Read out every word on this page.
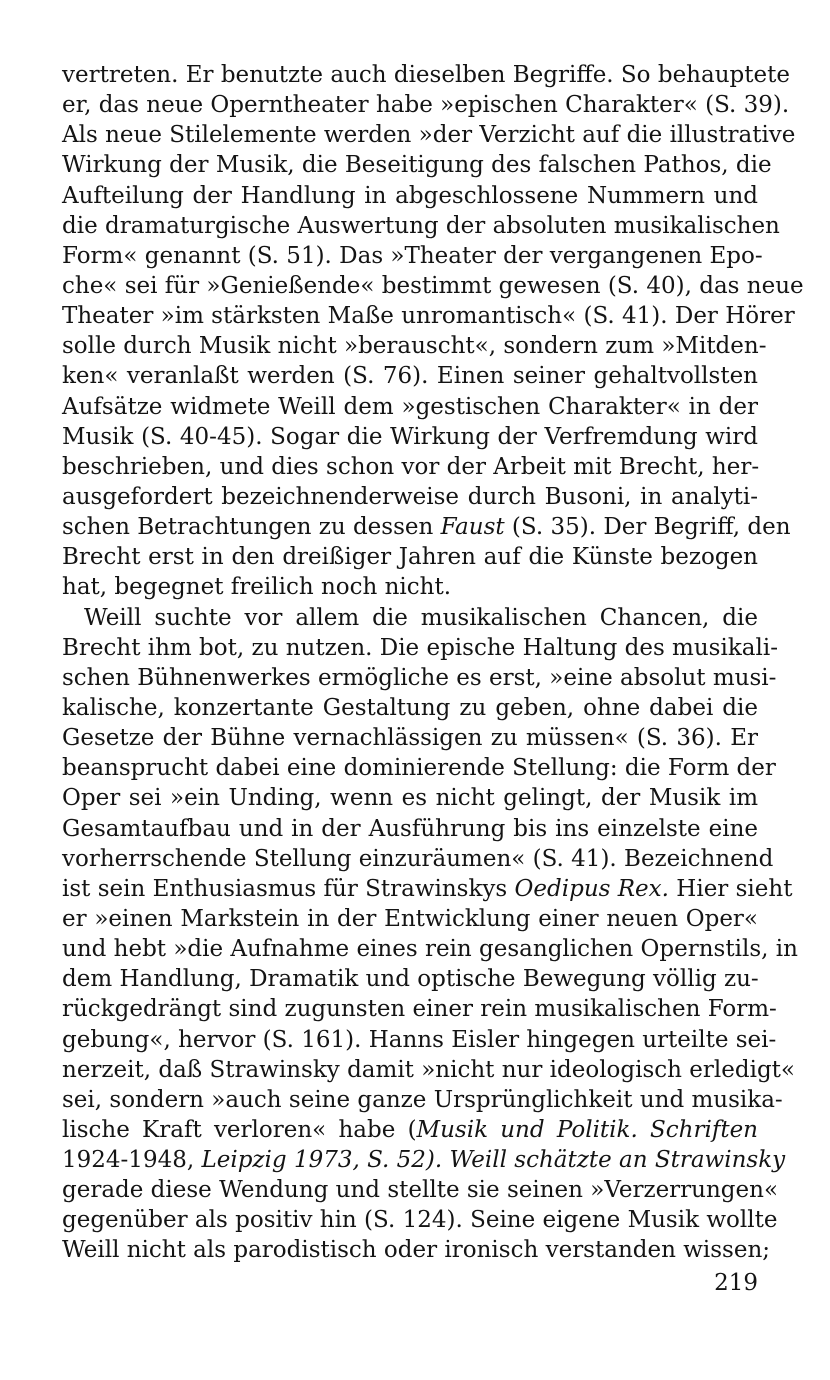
vertreten. Er benutzte auch dieselben Begriffe. So behauptete
er, das neue Operntheater habe »epischen Charakter« (S. 39).
Als neue Stilelemente werden »der Verzicht auf die illustrative
Wirkung der Musik, die Beseitigung des falschen Pathos, die
Aufteilung der Handlung in abgeschlossene Nummern und
die dramaturgische Auswertung der absoluten musikalischen
Form« genannt (S. 51). Das »Theater der vergangenen Epo-
che« sei für »Genießende« bestimmt gewesen (S. 40), das neue
Theater »im stärksten Maße unromantisch« (S. 41). Der Hörer
solle durch Musik nicht »berauscht«, sondern zum »Mitden-
ken« veranlaßt werden (S. 76). Einen seiner gehaltvollsten
Aufsätze widmete Weill dem »gestischen Charakter« in der
Musik (S. 40-45). Sogar die Wirkung der Verfremdung wird
beschrieben, und dies schon vor der Arbeit mit Brecht, her-
ausgefordert bezeichnenderweise durch Busoni, in analyti-
schen Betrachtungen zu dessen Faust (S. 35). Der Begriff, den
Brecht erst in den dreißiger Jahren auf die Künste bezogen
hat, begegnet freilich noch nicht.
Weill suchte vor allem die musikalischen Chancen, die
Brecht ihm bot, zu nutzen. Die epische Haltung des musikali-
schen Bühnenwerkes ermögliche es erst, »eine absolut musi-
kalische, konzertante Gestaltung zu geben, ohne dabei die
Gesetze der Bühne vernachlässigen zu müssen« (S. 36). Er
beansprucht dabei eine dominierende Stellung: die Form der
Oper sei »ein Unding, wenn es nicht gelingt, der Musik im
Gesamtaufbau und in der Ausführung bis ins einzelste eine
vorherrschende Stellung einzuräumen« (S. 41). Bezeichnend
ist sein Enthusiasmus für Strawinskys Oedipus Rex. Hier sieht
er »einen Markstein in der Entwicklung einer neuen Oper«
und hebt »die Aufnahme eines rein gesanglichen Opernstils, in
dem Handlung, Dramatik und optische Bewegung völlig zu-
rückgedrängt sind zugunsten einer rein musikalischen Form-
gebung«, hervor (S. 161). Hanns Eisler hingegen urteilte sei-
nerzeit, daß Strawinsky damit »nicht nur ideologisch erledigt«
sei, sondern »auch seine ganze Ursprünglichkeit und musika-
lische Kraft verloren« habe (Musik und Politik. Schriften
1924-1948, Leipzig 1973, S. 52). Weill schätzte an Strawinsky
gerade diese Wendung und stellte sie seinen »Verzerrungen«
gegenüber als positiv hin (S. 124). Seine eigene Musik wollte
Weill nicht als parodistisch oder ironisch verstanden wissen;
219
